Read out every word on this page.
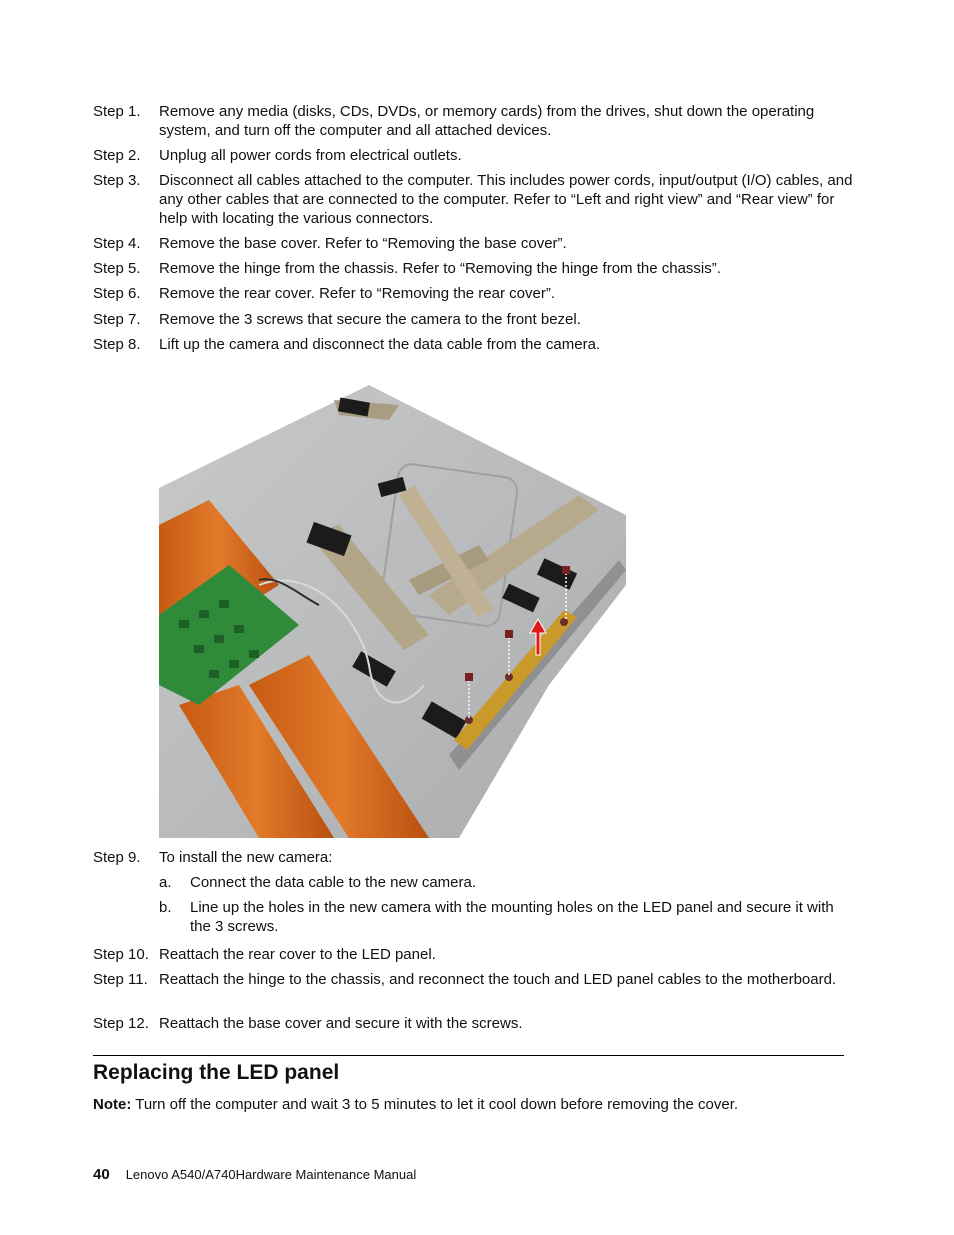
Step 1.	Remove any media (disks, CDs, DVDs, or memory cards) from the drives, shut down the operating system, and turn off the computer and all attached devices.
Step 2.	Unplug all power cords from electrical outlets.
Step 3.	Disconnect all cables attached to the computer. This includes power cords, input/output (I/O) cables, and any other cables that are connected to the computer. Refer to “Left and right view” and “Rear view” for help with locating the various connectors.
Step 4.	Remove the base cover. Refer to “Removing the base cover”.
Step 5.	Remove the hinge from the chassis. Refer to “Removing the hinge from the chassis”.
Step 6.	Remove the rear cover. Refer to “Removing the rear cover”.
Step 7.	Remove the 3 screws that secure the camera to the front bezel.
Step 8.	Lift up the camera and disconnect the data cable from the camera.
Step 9.	To install the new camera:
a.	Connect the data cable to the new camera.
b.	Line up the holes in the new camera with the mounting holes on the LED panel and secure it with the 3 screws.
Step 10. Reattach the rear cover to the LED panel.
Step 11. Reattach the hinge to the chassis, and reconnect the touch and LED panel cables to the motherboard.
Step 12. Reattach the base cover and secure it with the screws.
Replacing the LED panel
Note: Turn off the computer and wait 3 to 5 minutes to let it cool down before removing the cover.
40 Lenovo A540/A740Hardware Maintenance Manual
